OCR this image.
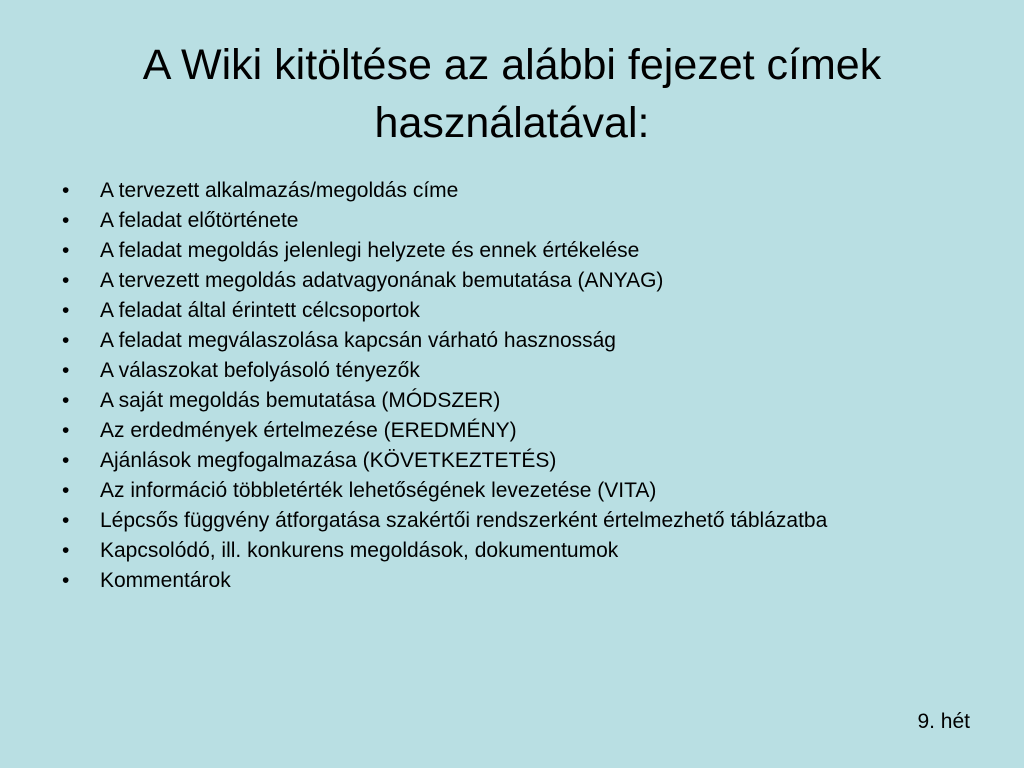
A Wiki kitöltése az alábbi fejezet címek használatával:
• A tervezett alkalmazás/megoldás címe
• A feladat előtörténete
• A feladat megoldás jelenlegi helyzete és ennek értékelése
• A tervezett megoldás adatvagyonának bemutatása (ANYAG)
• A feladat által érintett célcsoportok
• A feladat megválaszolása kapcsán várható hasznosság
• A válaszokat befolyásoló tényezők
• A saját megoldás bemutatása (MÓDSZER)
• Az erdedmények értelmezése (EREDMÉNY)
• Ajánlások megfogalmazása (KÖVETKEZTETÉS)
• Az információ többletérték lehetőségének levezetése (VITA)
• Lépcsős függvény átforgatása szakértői rendszerként értelmezhető táblázatba
• Kapcsolódó, ill. konkurens megoldások, dokumentumok
• Kommentárok
9. hét
